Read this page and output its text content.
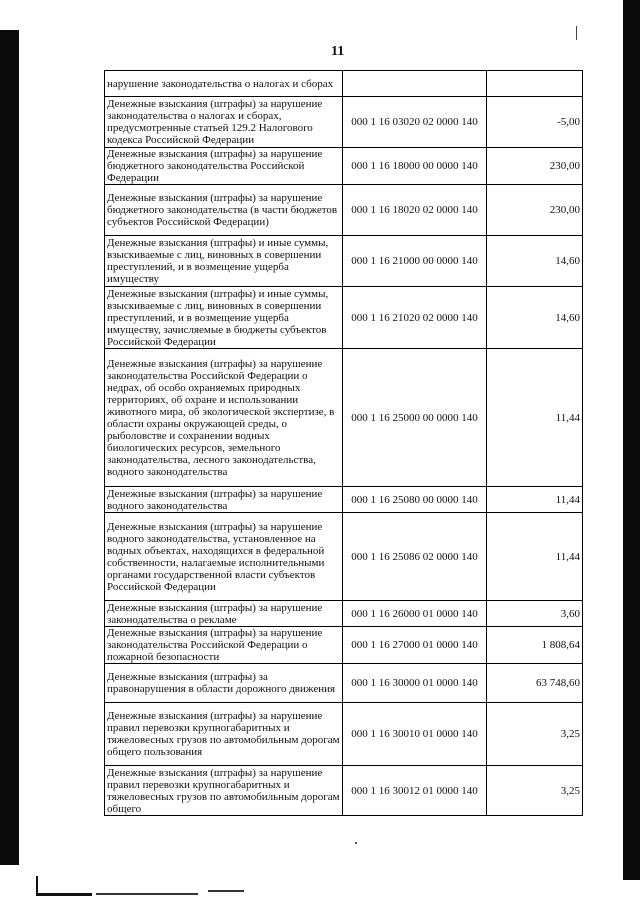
11
нарушение законодательства о налогах и сборах		
Денежные взыскания (штрафы) за нарушение законодательства о налогах и сборах, предусмотренные статьей 129.2 Налогового кодекса Российской Федерации	000 1 16 03020 02 0000 140	-5,00
Денежные взыскания (штрафы) за нарушение бюджетного законодательства Российской Федерации	000 1 16 18000 00 0000 140	230,00
Денежные взыскания (штрафы) за нарушение бюджетного законодательства (в части бюджетов субъектов Российской Федерации)	000 1 16 18020 02 0000 140	230,00
Денежные взыскания (штрафы) и иные суммы, взыскиваемые с лиц, виновных в совершении преступлений, и в возмещение ущерба имуществу	000 1 16 21000 00 0000 140	14,60
Денежные взыскания (штрафы) и иные суммы, взыскиваемые с лиц, виновных в совершении преступлений, и в возмещение ущерба имуществу, зачисляемые в бюджеты субъектов Российской Федерации	000 1 16 21020 02 0000 140	14,60
Денежные взыскания (штрафы) за нарушение законодательства Российской Федерации о недрах, об особо охраняемых природных территориях, об охране и использовании животного мира, об экологической экспертизе, в области охраны окружающей среды, о рыболовстве и сохранении водных биологических ресурсов, земельного законодательства, лесного законодательства, водного законодательства	000 1 16 25000 00 0000 140	11,44
Денежные взыскания (штрафы) за нарушение водного законодательства	000 1 16 25080 00 0000 140	11,44
Денежные взыскания (штрафы) за нарушение водного законодательства, установленное на водных объектах, находящихся в федеральной собственности, налагаемые исполнительными органами государственной власти субъектов Российской Федерации	000 1 16 25086 02 0000 140	11,44
Денежные взыскания (штрафы) за нарушение законодательства о рекламе	000 1 16 26000 01 0000 140	3,60
Денежные взыскания (штрафы) за нарушение законодательства Российской Федерации о пожарной безопасности	000 1 16 27000 01 0000 140	1 808,64
Денежные взыскания (штрафы) за правонарушения в области дорожного движения	000 1 16 30000 01 0000 140	63 748,60
Денежные взыскания (штрафы) за нарушение правил перевозки крупногабаритных и тяжеловесных грузов по автомобильным дорогам общего пользования	000 1 16 30010 01 0000 140	3,25
Денежные взыскания (штрафы) за нарушение правил перевозки крупногабаритных и тяжеловесных грузов по автомобильным дорогам общего	000 1 16 30012 01 0000 140	3,25
